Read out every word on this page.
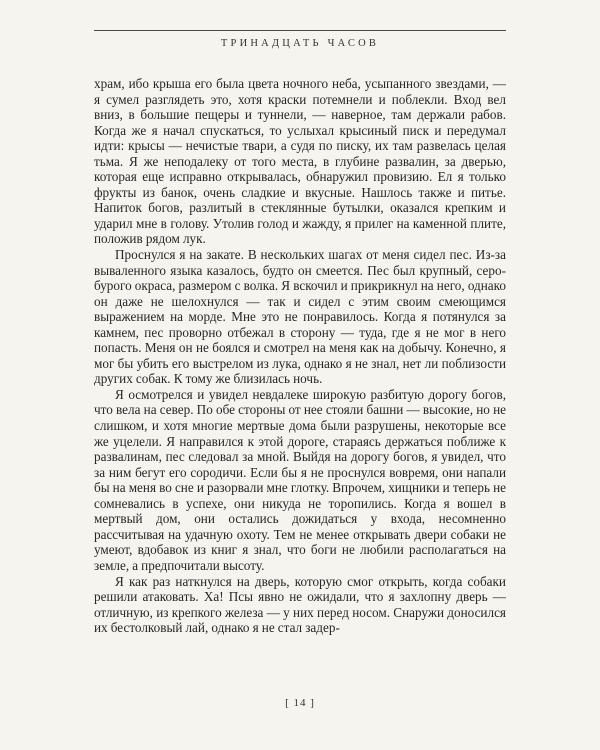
ТРИНАДЦАТЬ ЧАСОВ

храм, ибо крыша его была цвета ночного неба, усыпанного звездами, — я сумел разглядеть это, хотя краски потемнели и поблекли. Вход вел вниз, в большие пещеры и туннели, — наверное, там держали рабов. Когда же я начал спускаться, то услыхал крысиный писк и передумал идти: крысы — нечистые твари, а судя по писку, их там развелась целая тьма. Я же неподалеку от того места, в глубине развалин, за дверью, которая еще исправно открывалась, обнаружил провизию. Ел я только фрукты из банок, очень сладкие и вкусные. Нашлось также и питье. Напиток богов, разлитый в стеклянные бутылки, оказался крепким и ударил мне в голову. Утолив голод и жажду, я прилег на каменной плите, положив рядом лук.

Проснулся я на закате. В нескольких шагах от меня сидел пес. Из-за вываленного языка казалось, будто он смеется. Пес был крупный, серо-бурого окраса, размером с волка. Я вскочил и прикрикнул на него, однако он даже не шелохнулся — так и сидел с этим своим смеющимся выражением на морде. Мне это не понравилось. Когда я потянулся за камнем, пес проворно отбежал в сторону — туда, где я не мог в него попасть. Меня он не боялся и смотрел на меня как на добычу. Конечно, я мог бы убить его выстрелом из лука, однако я не знал, нет ли поблизости других собак. К тому же близилась ночь.

Я осмотрелся и увидел невдалеке широкую разбитую дорогу богов, что вела на север. По обе стороны от нее стояли башни — высокие, но не слишком, и хотя многие мертвые дома были разрушены, некоторые все же уцелели. Я направился к этой дороге, стараясь держаться поближе к развалинам, пес следовал за мной. Выйдя на дорогу богов, я увидел, что за ним бегут его сородичи. Если бы я не проснулся вовремя, они напали бы на меня во сне и разорвали мне глотку. Впрочем, хищники и теперь не сомневались в успехе, они никуда не торопились. Когда я вошел в мертвый дом, они остались дожидаться у входа, несомненно рассчитывая на удачную охоту. Тем не менее открывать двери собаки не умеют, вдобавок из книг я знал, что боги не любили располагаться на земле, а предпочитали высоту.

Я как раз наткнулся на дверь, которую смог открыть, когда собаки решили атаковать. Ха! Псы явно не ожидали, что я захлопну дверь — отличную, из крепкого железа — у них перед носом. Снаружи доносился их бестолковый лай, однако я не стал задер-

[ 14 ]
